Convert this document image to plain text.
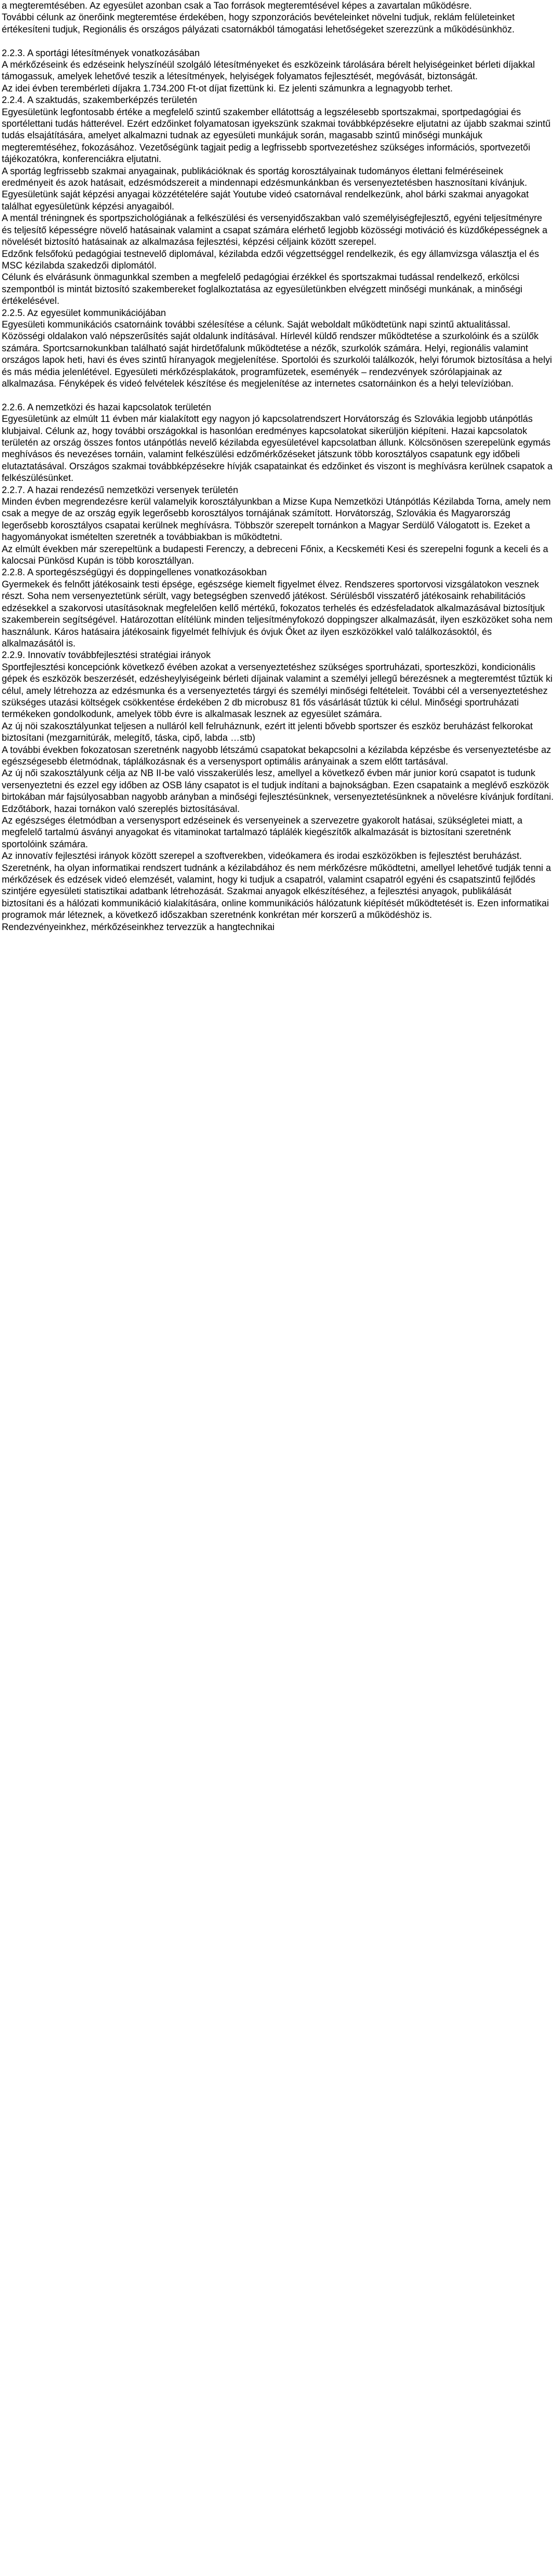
a megteremtésében. Az egyesület azonban csak a Tao források megteremtésével képes a zavartalan működésre.

További célunk az önerőink megteremtése érdekében, hogy szponzorációs bevételeinket növelni tudjuk, reklám felületeinket értékesíteni tudjuk, Regionális és országos pályázati csatornákból támogatási lehetőségeket szerezzünk a működésünkhöz.

2.2.3. A sportági létesítmények vonatkozásában

A mérkőzéseink és edzéseink helyszínéül szolgáló létesítményeket és eszközeink tárolására bérelt helyiségeinket bérleti díjakkal támogassuk, amelyek lehetővé teszik a létesítmények, helyiségek folyamatos fejlesztését, megóvását, biztonságát.

Az idei évben terembérleti díjakra 1.734.200 Ft-ot díjat fizettünk ki. Ez jelenti számunkra a legnagyobb terhet.

2.2.4. A szaktudás, szakemberképzés területén

Egyesületünk legfontosabb értéke a megfelelő szintű szakember ellátottság a legszélesebb sportszakmai, sportpedagógiai és sportélettani tudás hátterével. Ezért edzőinket folyamatosan igyekszünk szakmai továbbképzésekre eljutatni az újabb szakmai szintű tudás elsajátítására, amelyet alkalmazni tudnak az egyesületi munkájuk során, magasabb szintű minőségi munkájuk megteremtéséhez, fokozásához. Vezetőségünk tagjait pedig a legfrissebb sportvezetéshez szükséges információs, sportvezetői tájékozatókra, konferenciákra eljutatni.

A sportág legfrissebb szakmai anyagainak, publikációknak és sportág korosztályainak tudományos élettani felméréseinek eredményeit és azok hatásait, edzésmódszereit a mindennapi edzésmunkánkban és versenyeztetésben hasznosítani kívánjuk. Egyesületünk saját képzési anyagai közzétételére saját Youtube videó csatornával rendelkezünk, ahol bárki szakmai anyagokat találhat egyesületünk képzési anyagaiból.

A mentál tréningnek és sportpszichológiának a felkészülési és versenyidőszakban való személyiségfejlesztő, egyéni teljesítményre és teljesítő képességre növelő hatásainak valamint a csapat számára elérhető legjobb közösségi motiváció és küzdőképességnek a növelését biztosító hatásainak az alkalmazása fejlesztési, képzési céljaink között szerepel.

Edzőnk felsőfokú pedagógiai testnevelő diplomával, kézilabda edzői végzettséggel rendelkezik, és egy államvizsga választja el és MSC kézilabda szakedzői diplomától.

Célunk és elvárásunk önmagunkkal szemben a megfelelő pedagógiai érzékkel és sportszakmai tudással rendelkező, erkölcsi szempontból is mintát biztosító szakembereket foglalkoztatása az egyesületünkben elvégzett minőségi munkának, a minőségi értékelésével.

2.2.5. Az egyesület kommunikációjában

Egyesületi kommunikációs csatornáink további szélesítése a célunk. Saját weboldalt működtetünk napi szintű aktualitással. Közösségi oldalakon való népszerűsítés saját oldalunk indításával. Hírlevél küldő rendszer működtetése a szurkolóink és a szülők számára. Sportcsarnokunkban található saját hirdetőfalunk működtetése a nézők, szurkolók számára. Helyi, regionális valamint országos lapok heti, havi és éves szintű híranyagok megjelenítése. Sportolói és szurkolói találkozók, helyi fórumok biztosítása a helyi és más média jelenlétével. Egyesületi mérkőzésplakátok, programfüzetek, eseményék – rendezvények szórólapjainak az alkalmazása. Fényképek és videó felvételek készítése és megjelenítése az internetes csatornáinkon és a helyi televízióban.

2.2.6. A nemzetközi és hazai kapcsolatok területén

Egyesületünk az elmúlt 11 évben már kialakított egy nagyon jó kapcsolatrendszert Horvátország és Szlovákia legjobb utánpótlás klubjaival. Célunk az, hogy további országokkal is hasonlóan eredményes kapcsolatokat sikerüljön kiépíteni. Hazai kapcsolatok területén az ország összes fontos utánpótlás nevelő kézilabda egyesületével kapcsolatban állunk. Kölcsönösen szerepelünk egymás meghívásos és nevezéses tornáin, valamint felkészülési edzőmérkőzéseket játszunk több korosztályos csapatunk egy időbeli elutaztatásával. Országos szakmai továbbképzésekre hívják csapatainkat és edzőinket és viszont is meghívásra kerülnek csapatok a felkészülésünket.

2.2.7. A hazai rendezésű nemzetközi versenyek területén

Minden évben megrendezésre kerül valamelyik korosztályunkban a Mizse Kupa Nemzetközi Utánpótlás Kézilabda Torna, amely nem csak a megye de az ország egyik legerősebb korosztályos tornájának számított. Horvátország, Szlovákia és Magyarország legerősebb korosztályos csapatai kerülnek meghívásra. Többször szerepelt tornánkon a Magyar Serdülő Válogatott is. Ezeket a hagyományokat ismételten szeretnék a továbbiakban is működtetni.

Az elmúlt években már szerepeltünk a budapesti Ferenczy, a debreceni Főnix, a Kecskeméti Kesi és szerepelni fogunk a keceli és a kalocsai Pünkösd Kupán is több korosztállyan.

2.2.8. A sportegészségügyi és doppingellenes vonatkozásokban

Gyermekek és felnőtt játékosaink testi épsége, egészsége kiemelt figyelmet élvez. Rendszeres sportorvosi vizsgálatokon vesznek részt. Soha nem versenyeztetünk sérült, vagy betegségben szenvedő játékost. Sérülésből visszatérő játékosaink rehabilitációs edzésekkel a szakorvosi utasításoknak megfelelően kellő mértékű, fokozatos terhelés és edzésfeladatok alkalmazásával biztosítjuk szakemberein segítségével. Határozottan elítélünk minden teljesítményfokozó doppingszer alkalmazását, ilyen eszközöket soha nem használunk. Káros hatásaira játékosaink figyelmét felhívjuk és óvjuk Őket az ilyen eszközökkel való találkozásoktól, és alkalmazásától is.

2.2.9. Innovatív továbbfejlesztési stratégiai irányok

Sportfejlesztési koncepciónk következő évében azokat a versenyeztetéshez szükséges sportruházati, sporteszközi, kondicionális gépek és eszközök beszerzését, edzésheylyiségeink bérleti díjainak valamint a személyi jellegű bérezésnek a megteremtést tűztük ki célul, amely létrehozza az edzésmunka és a versenyeztetés tárgyi és személyi minőségi feltételeit. További cél a versenyeztetéshez szükséges utazási költségek csökkentése érdekében 2 db microbusz 81 fős vásárlását tűztük ki célul. Minőségi sportruházati termékeken gondolkodunk, amelyek több évre is alkalmasak lesznek az egyesület számára.

Az új nöi szakosztályunkat teljesen a nulláról kell felruháznunk, ezért itt jelenti bővebb sportszer és eszköz beruházást felkorokat biztosítani (mezgarnitúrák, melegítő, táska, cipő, labda …stb)

A további években fokozatosan szeretnénk nagyobb létszámú csapatokat bekapcsolni a kézilabda képzésbe és versenyeztetésbe az egészségesebb életmódnak, táplálkozásnak és a versenysport optimális arányainak a szem előtt tartásával.

Az új női szakosztályunk célja az NB II-be való visszakerülés lesz, amellyel a következő évben már junior korú csapatot is tudunk versenyeztetni és ezzel egy időben az OSB lány csapatot is el tudjuk indítani a bajnokságban. Ezen csapataink a meglévő eszközök birtokában már fajsúlyosabban nagyobb arányban a minőségi fejlesztésünknek, versenyeztetésünknek a növelésre kívánjuk fordítani. Edzőtábork, hazai tornákon való szereplés biztosításával.

Az egészséges életmódban a versenysport edzéseinek és versenyeinek a szervezetre gyakorolt hatásai, szükségletei miatt, a megfelelő tartalmú ásványi anyagokat és vitaminokat tartalmazó táplálék kiegészítők alkalmazását is biztosítani szeretnénk sportolóink számára.

Az innovatív fejlesztési irányok között szerepel a szoftverekben, videókamera és irodai eszközökben is fejlesztést beruházást. Szeretnénk, ha olyan informatikai rendszert tudnánk a kézilabdához és nem mérkőzésre működtetni, amellyel lehetővé tudják tenni a mérkőzések és edzések videó elemzését, valamint, hogy ki tudjuk a csapatról, valamint csapatról egyéni és csapatszintű fejlődés szintjére egyesületi statisztikai adatbank létrehozását. Szakmai anyagok elkészítéséhez, a fejlesztési anyagok, publikálását biztosítani és a hálózati kommunikáció kialakítására, online kommunikációs hálózatunk kiépítését működtetését is. Ezen informatikai programok már léteznek, a következő időszakban szeretnénk konkrétan mér korszerű a működéshöz is.

Rendezvényeinkhez, mérkőzéseinkhez tervezzük a hangtechnikai
